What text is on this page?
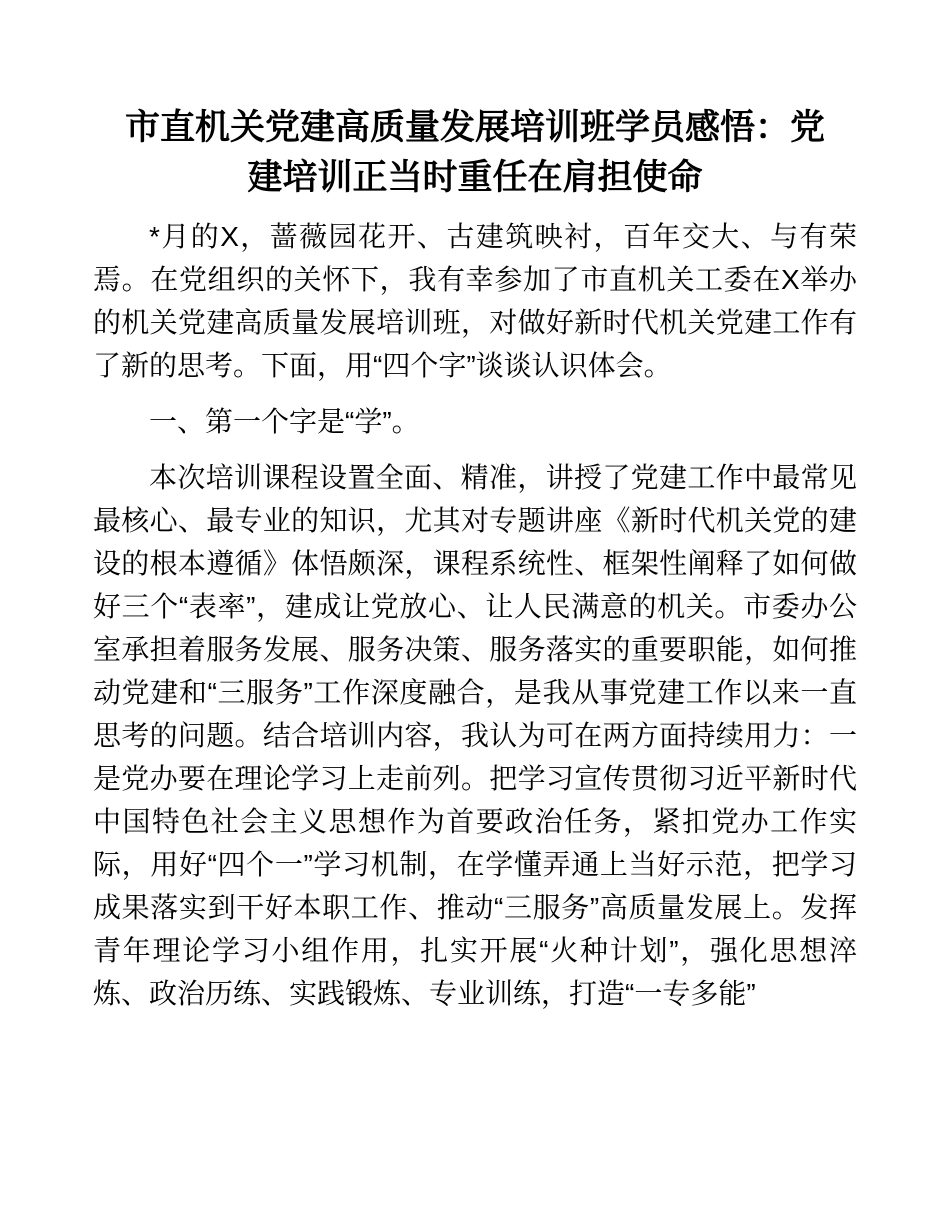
市直机关党建高质量发展培训班学员感悟：党建培训正当时重任在肩担使命

*月的X，蔷薇园花开、古建筑映衬，百年交大、与有荣焉。在党组织的关怀下，我有幸参加了市直机关工委在X举办的机关党建高质量发展培训班，对做好新时代机关党建工作有了新的思考。下面，用“四个字”谈谈认识体会。

一、第一个字是“学”。

本次培训课程设置全面、精准，讲授了党建工作中最常见最核心、最专业的知识，尤其对专题讲座《新时代机关党的建设的根本遵循》体悟颇深，课程系统性、框架性阐释了如何做好三个“表率”，建成让党放心、让人民满意的机关。市委办公室承担着服务发展、服务决策、服务落实的重要职能，如何推动党建和“三服务”工作深度融合，是我从事党建工作以来一直思考的问题。结合培训内容，我认为可在两方面持续用力：一是党办要在理论学习上走前列。把学习宣传贯彻习近平新时代中国特色社会主义思想作为首要政治任务，紧扣党办工作实际，用好“四个一”学习机制，在学懂弄通上当好示范，把学习成果落实到干好本职工作、推动“三服务”高质量发展上。发挥青年理论学习小组作用，扎实开展“火种计划”，强化思想淬炼、政治历练、实践锻炼、专业训练，打造“一专多能”
